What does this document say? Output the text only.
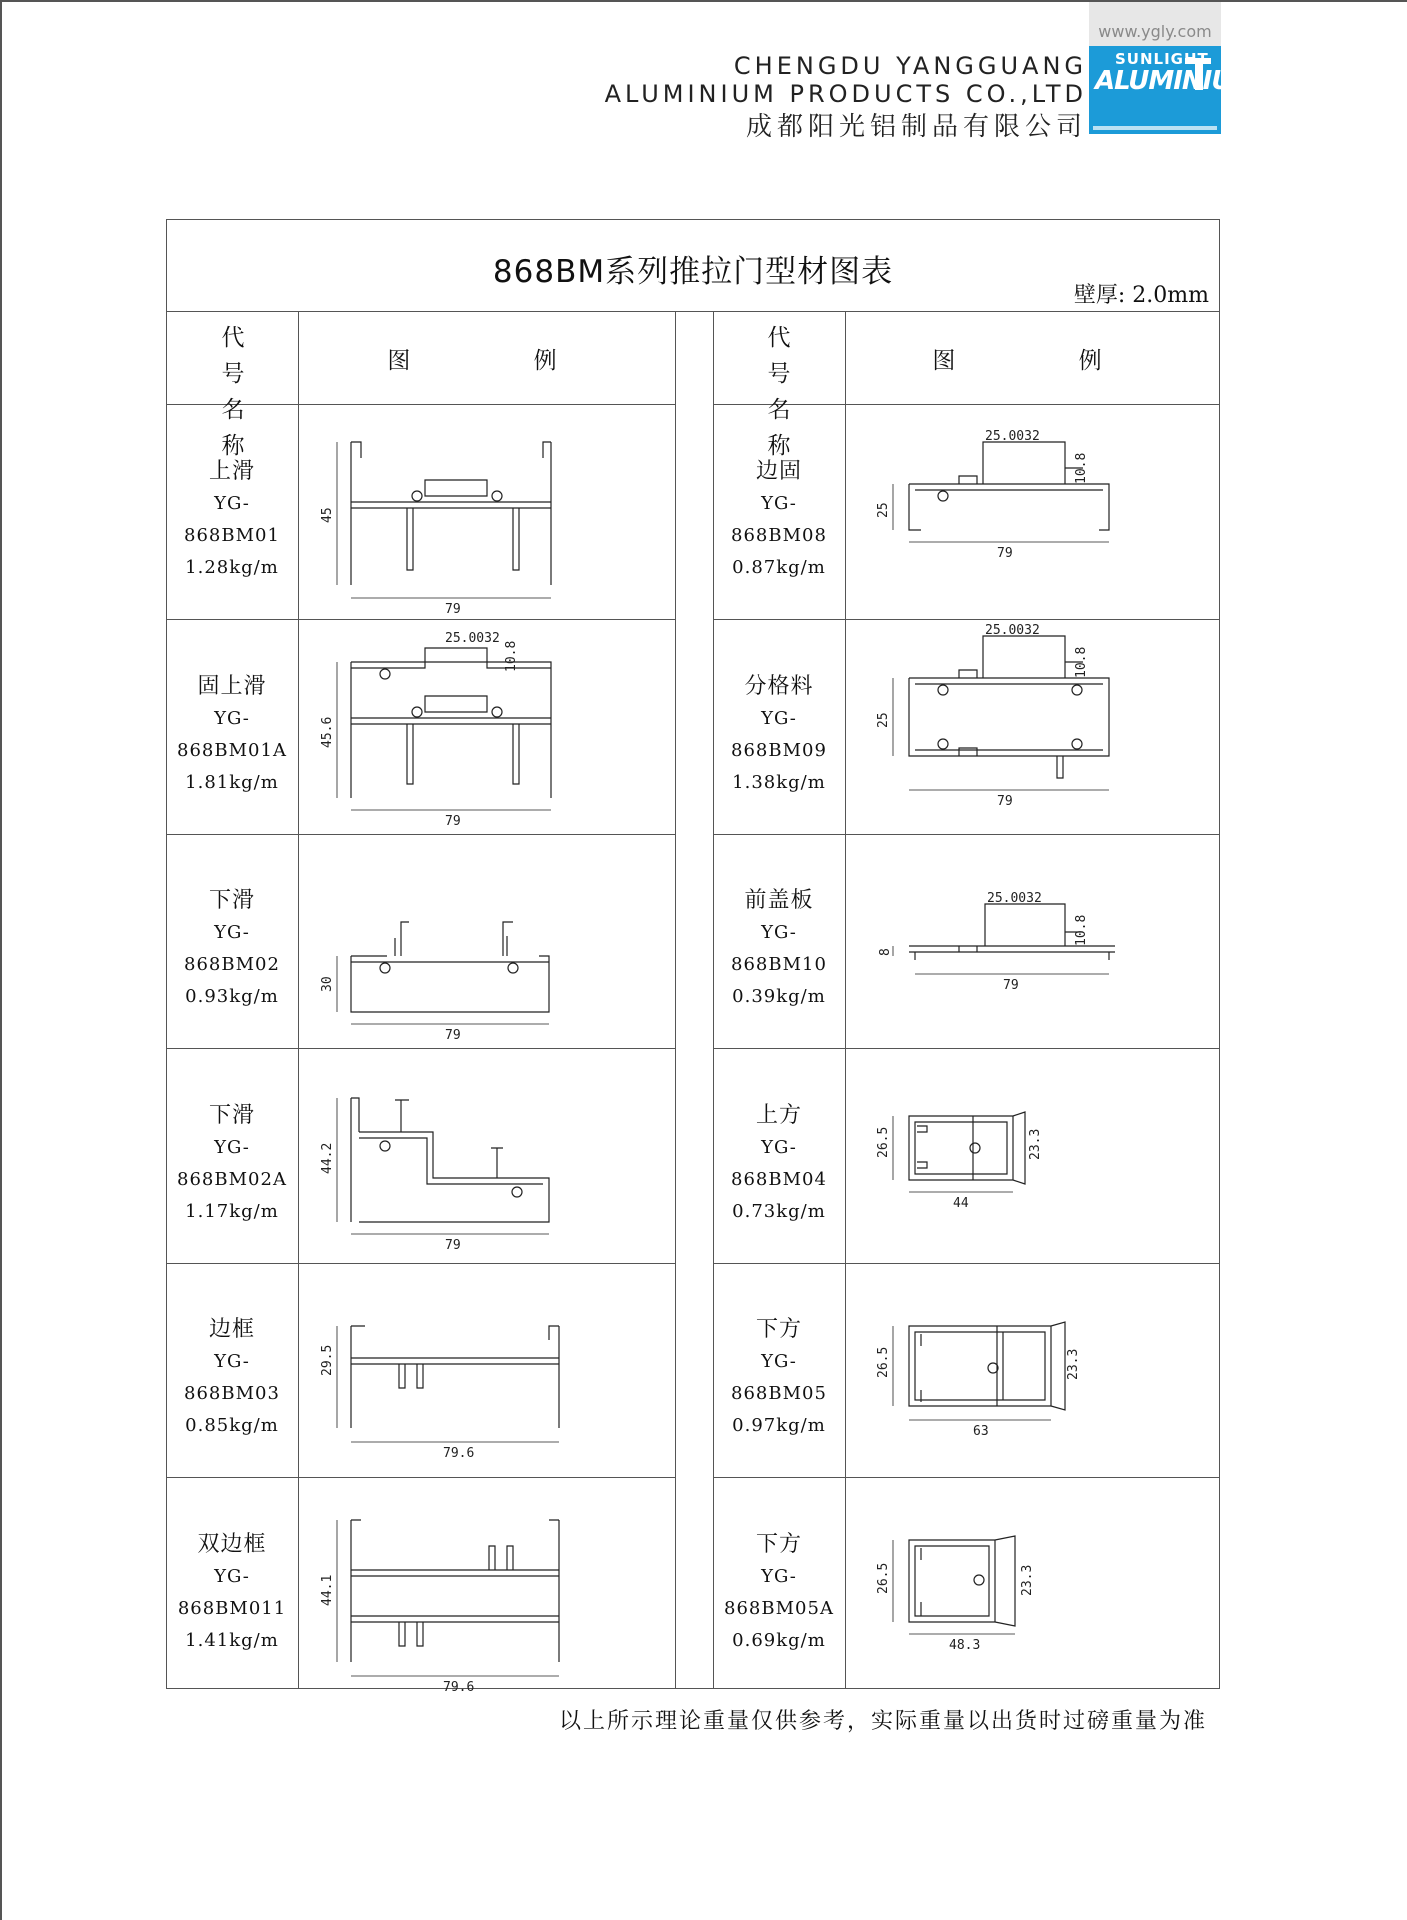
CHENGDU YANGGUANG
ALUMINIUM PRODUCTS CO.,LTD
成都阳光铝制品有限公司
www.ygly.com
SUNLIGHT
ALUMINIUM
868BM系列推拉门型材图表
壁厚: 2.0mm
代 号
名 称
图 例
代 号
名 称
图 例
上滑
YG-868BM01
1.28kg/m
固上滑
YG-868BM01A
1.81kg/m
下滑
YG-868BM02
0.93kg/m
下滑
YG-868BM02A
1.17kg/m
边框
YG-868BM03
0.85kg/m
双边框
YG-868BM011
1.41kg/m
边固
YG-868BM08
0.87kg/m
分格料
YG-868BM09
1.38kg/m
前盖板
YG-868BM10
0.39kg/m
上方
YG-868BM04
0.73kg/m
下方
YG-868BM05
0.97kg/m
下方
YG-868BM05A
0.69kg/m
45
79
45.6
79
25.0032
10.8
30
79
44.2
79
29.5
79.6
44.1
79.6
25
79
25.0032
10.8
25
79
25.0032
10.8
8
79
25.0032
10.8
26.5
44
23.3
26.5
63
23.3
26.5
48.3
23.3
以上所示理论重量仅供参考，实际重量以出货时过磅重量为准
